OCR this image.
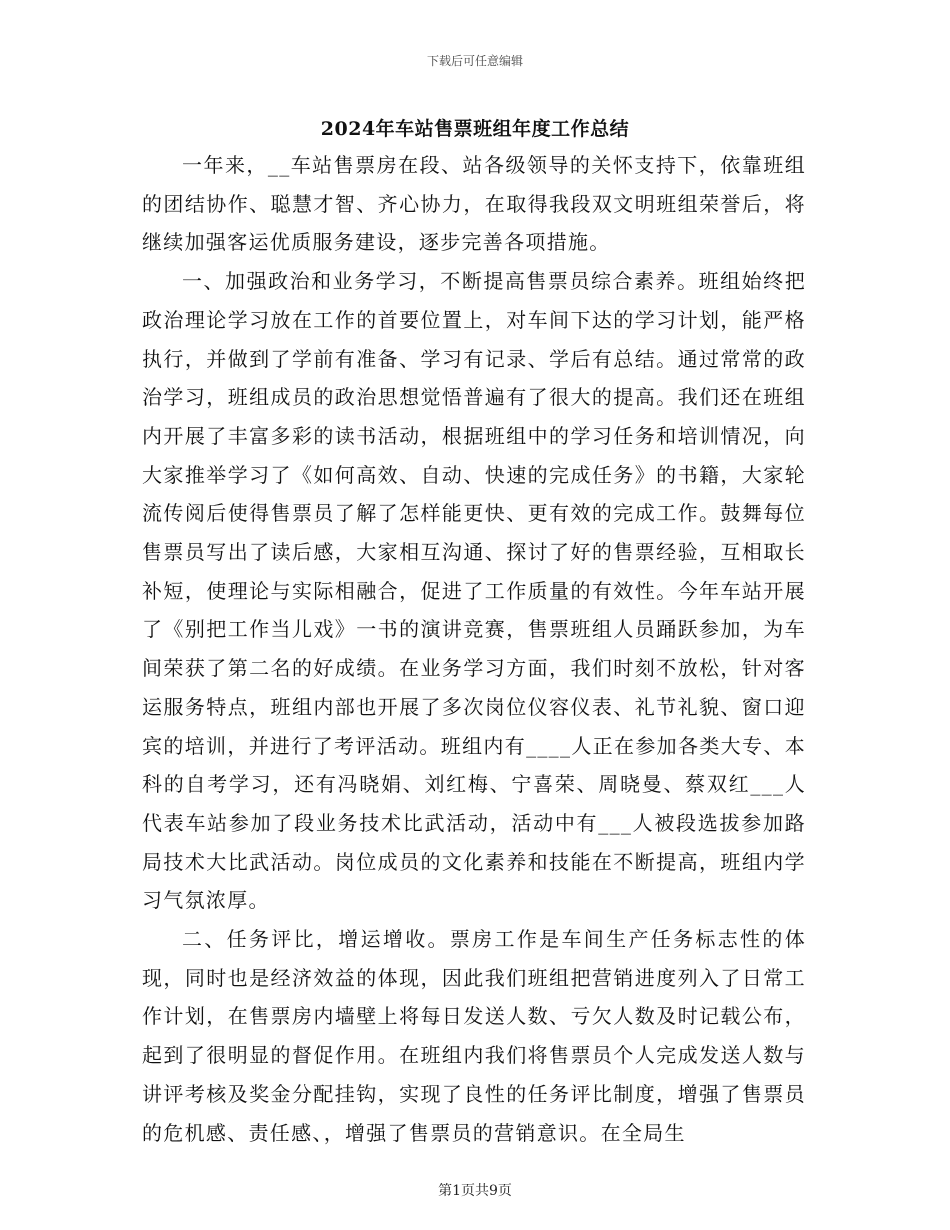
下载后可任意编辑
2024年车站售票班组年度工作总结

一年来，__车站售票房在段、站各级领导的关怀支持下，依靠班组的团结协作、聪慧才智、齐心协力，在取得我段双文明班组荣誉后，将继续加强客运优质服务建设，逐步完善各项措施。

一、加强政治和业务学习，不断提高售票员综合素养。班组始终把政治理论学习放在工作的首要位置上，对车间下达的学习计划，能严格执行，并做到了学前有准备、学习有记录、学后有总结。通过常常的政治学习，班组成员的政治思想觉悟普遍有了很大的提高。我们还在班组内开展了丰富多彩的读书活动，根据班组中的学习任务和培训情况，向大家推举学习了《如何高效、自动、快速的完成任务》的书籍，大家轮流传阅后使得售票员了解了怎样能更快、更有效的完成工作。鼓舞每位售票员写出了读后感，大家相互沟通、探讨了好的售票经验，互相取长补短，使理论与实际相融合，促进了工作质量的有效性。今年车站开展了《别把工作当儿戏》一书的演讲竞赛，售票班组人员踊跃参加，为车间荣获了第二名的好成绩。在业务学习方面，我们时刻不放松，针对客运服务特点，班组内部也开展了多次岗位仪容仪表、礼节礼貌、窗口迎宾的培训，并进行了考评活动。班组内有____人正在参加各类大专、本科的自考学习，还有冯晓娟、刘红梅、宁喜荣、周晓曼、蔡双红___人代表车站参加了段业务技术比武活动，活动中有___人被段选拔参加路局技术大比武活动。岗位成员的文化素养和技能在不断提高，班组内学习气氛浓厚。

二、任务评比，增运增收。票房工作是车间生产任务标志性的体现，同时也是经济效益的体现，因此我们班组把营销进度列入了日常工作计划，在售票房内墙壁上将每日发送人数、亏欠人数及时记载公布，起到了很明显的督促作用。在班组内我们将售票员个人完成发送人数与讲评考核及奖金分配挂钩，实现了良性的任务评比制度，增强了售票员的危机感、责任感、，增强了售票员的营销意识。在全局生

第1页共9页
